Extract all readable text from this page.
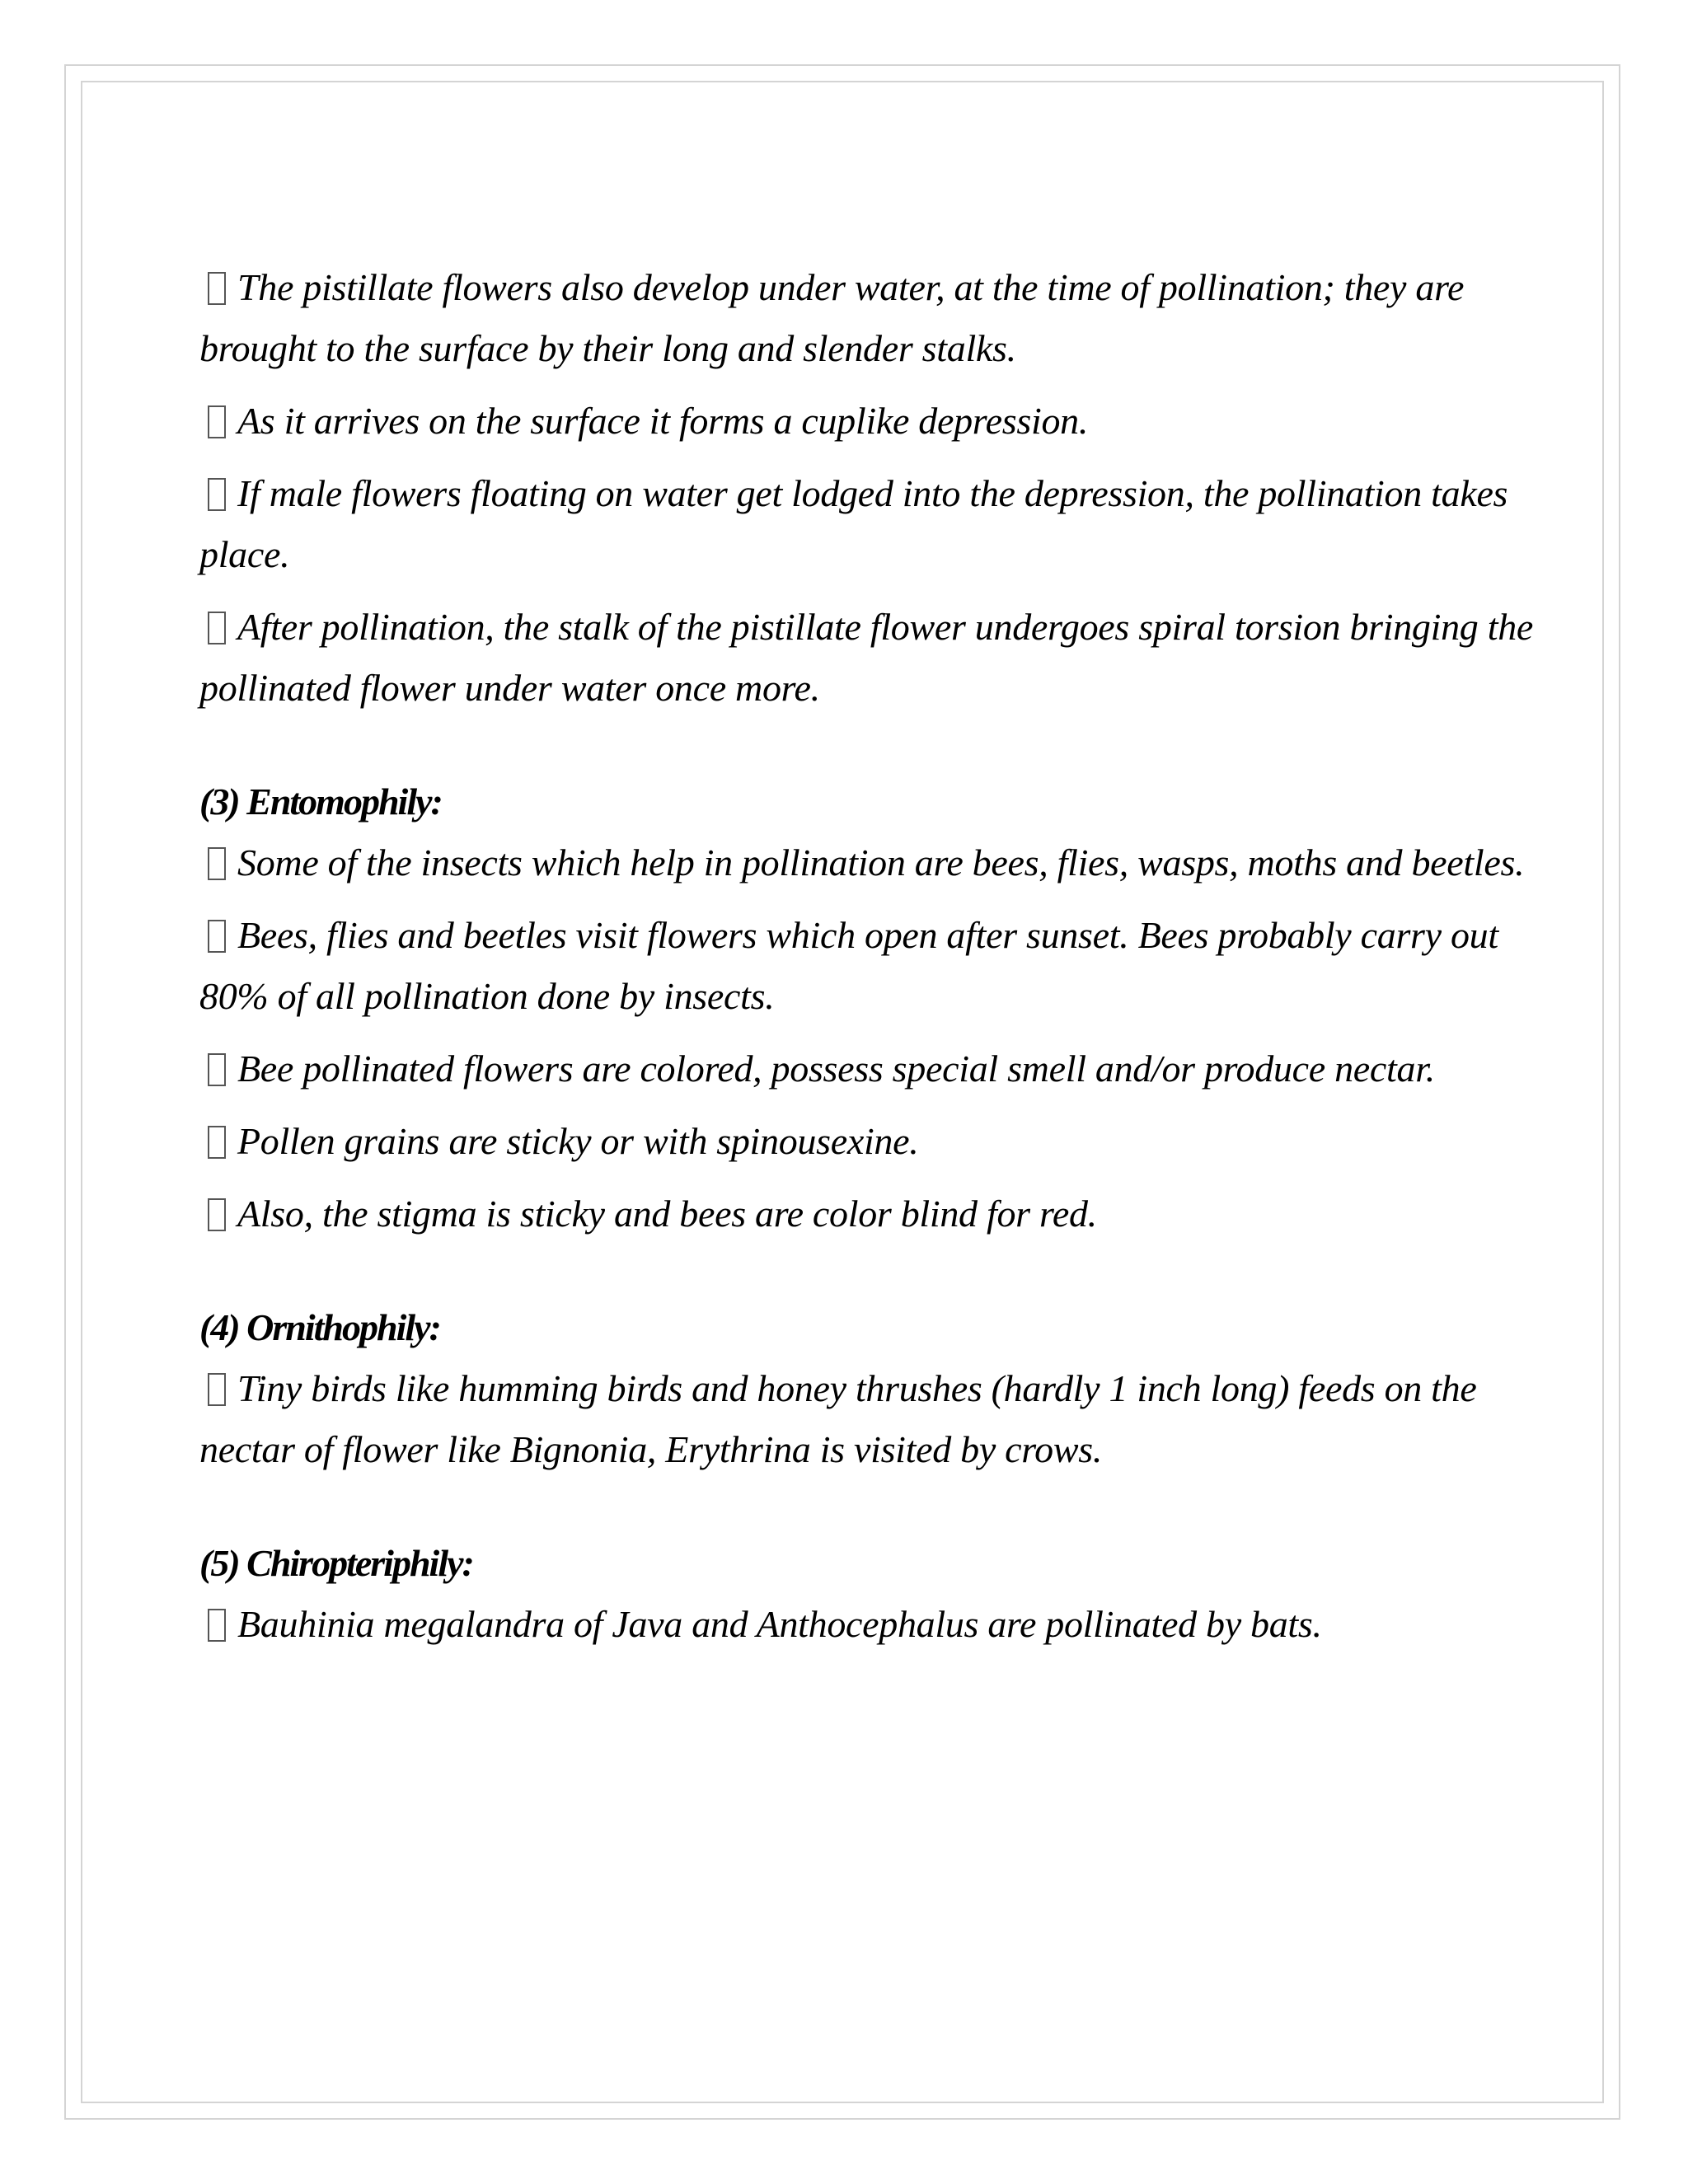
The pistillate flowers also develop under water, at the time of pollination; they are brought to the surface by their long and slender stalks.

As it arrives on the surface it forms a cuplike depression.

If male flowers floating on water get lodged into the depression, the pollination takes place.

After pollination, the stalk of the pistillate flower undergoes spiral torsion bringing the pollinated flower under water once more.

(3) Entomophily:

Some of the insects which help in pollination are bees, flies, wasps, moths and beetles.

Bees, flies and beetles visit flowers which open after sunset. Bees probably carry out 80% of all pollination done by insects.

Bee pollinated flowers are colored, possess special smell and/or produce nectar.

Pollen grains are sticky or with spinousexine.

Also, the stigma is sticky and bees are color blind for red.

(4) Ornithophily:

Tiny birds like humming birds and honey thrushes (hardly 1 inch long) feeds on the nectar of flower like Bignonia, Erythrina is visited by crows.

(5) Chiropteriphily:

Bauhinia megalandra of Java and Anthocephalus are pollinated by bats.
